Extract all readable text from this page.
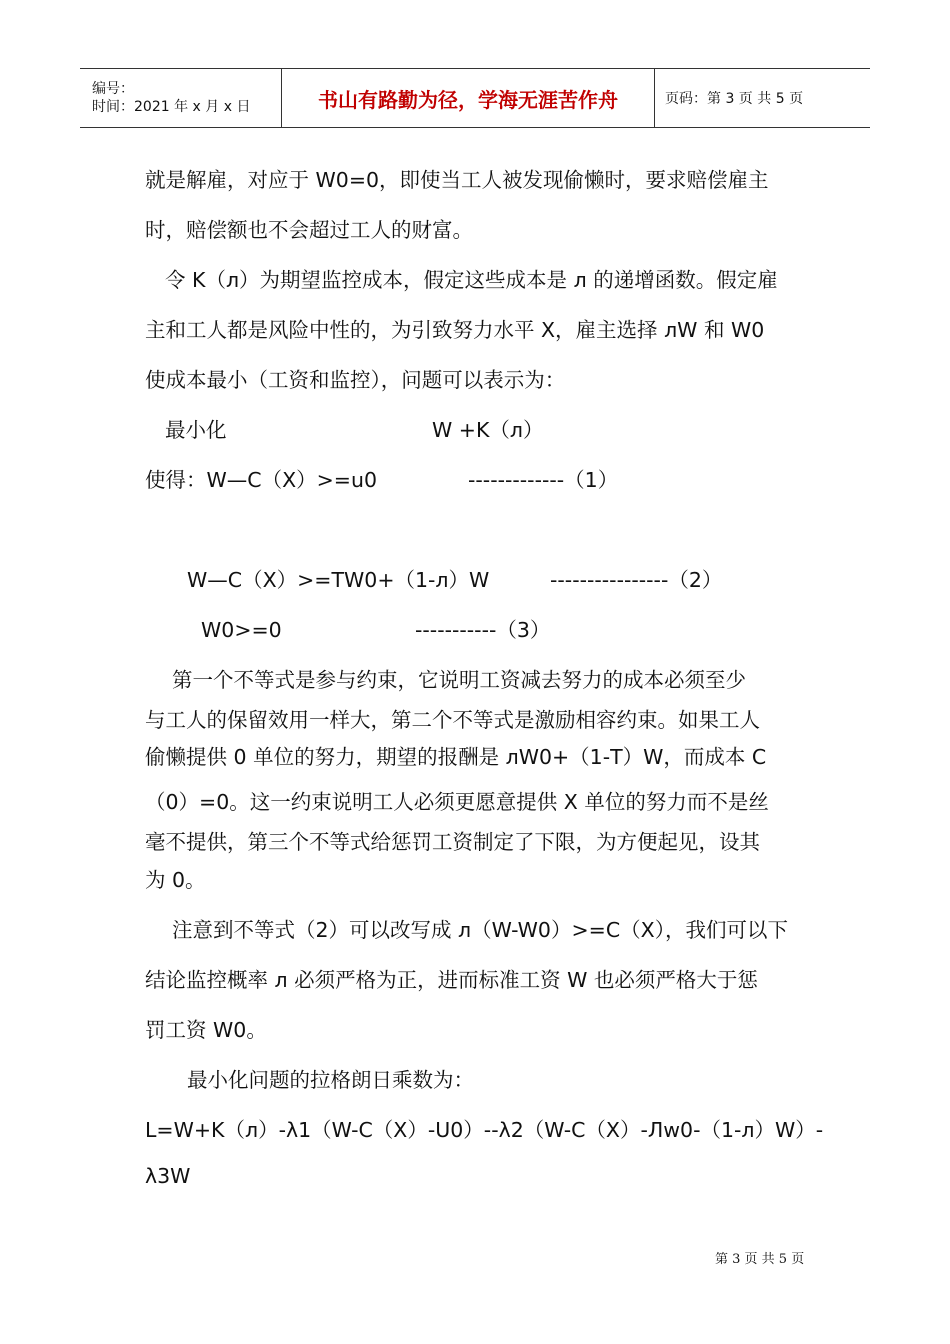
编号：
时间：2021 年 x 月 x 日	书山有路勤为径，学海无涯苦作舟	页码：第 3 页 共 5 页
就是解雇，对应于 W0=0，即使当工人被发现偷懒时，要求赔偿雇主
时，赔偿额也不会超过工人的财富。
令 K（л）为期望监控成本，假定这些成本是 л 的递增函数。假定雇
主和工人都是风险中性的，为引致努力水平 X，雇主选择 лW 和 W0
使成本最小（工资和监控），问题可以表示为：
最小化	W +K（л）
使得：W—C（X）>=u0	-------------（1）
W—C（X）>=TW0+（1-л）W	----------------（2）
W0>=0	-----------（3）
第一个不等式是参与约束，它说明工资减去努力的成本必须至少
与工人的保留效用一样大，第二个不等式是激励相容约束。如果工人
偷懒提供 0 单位的努力，期望的报酬是 лW0+（1-T）W，而成本 C
（0）=0。这一约束说明工人必须更愿意提供 X 单位的努力而不是丝
毫不提供，第三个不等式给惩罚工资制定了下限，为方便起见，设其
为 0。
注意到不等式（2）可以改写成 л（W-W0）>=C（X），我们可以下
结论监控概率 л 必须严格为正，进而标准工资 W 也必须严格大于惩
罚工资 W0。
最小化问题的拉格朗日乘数为：
L=W+K（л）-λ1（W-C（X）-U0）--λ2（W-C（X）-Лw0-（1-л）W）-
λ3W
第 3 页 共 5 页
